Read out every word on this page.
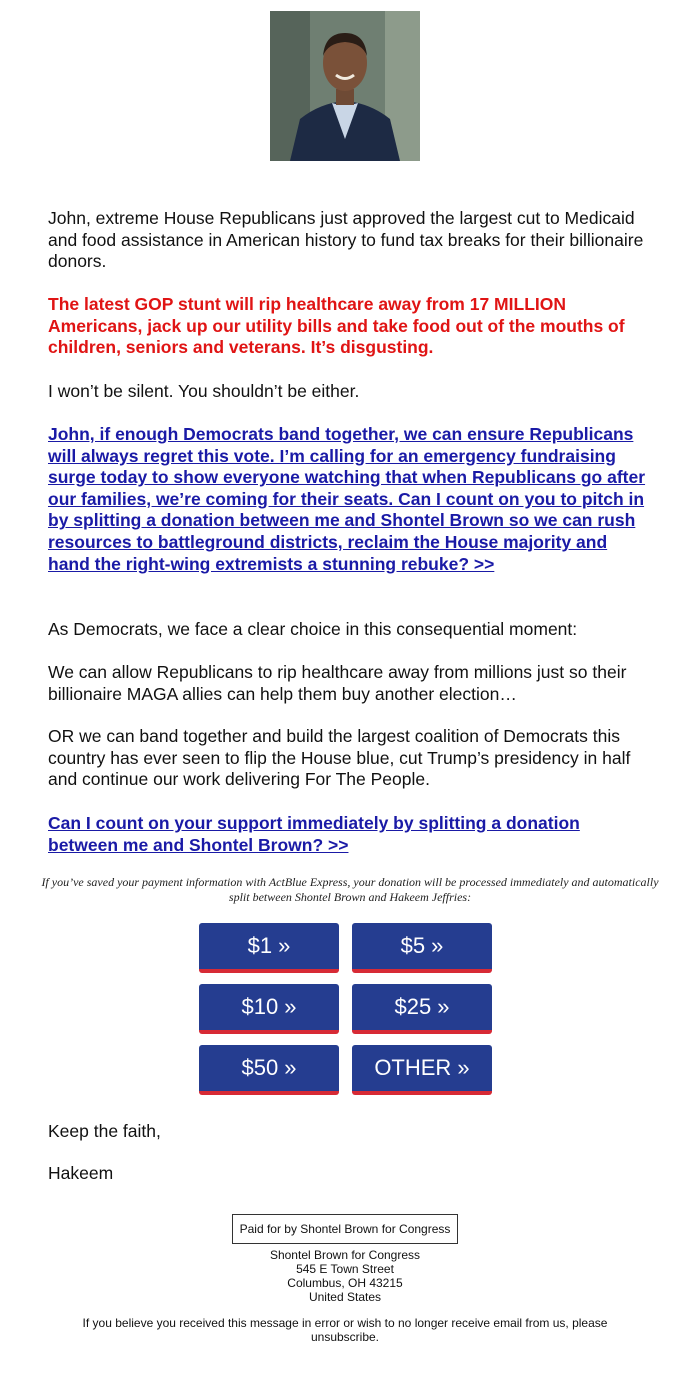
John, extreme House Republicans just approved the largest cut to Medicaid and food assistance in American history to fund tax breaks for their billionaire donors.

The latest GOP stunt will rip healthcare away from 17 MILLION Americans, jack up our utility bills and take food out of the mouths of children, seniors and veterans. It’s disgusting.

I won’t be silent. You shouldn’t be either.

John, if enough Democrats band together, we can ensure Republicans will always regret this vote. I’m calling for an emergency fundraising surge today to show everyone watching that when Republicans go after our families, we’re coming for their seats. Can I count on you to pitch in by splitting a donation between me and Shontel Brown so we can rush resources to battleground districts, reclaim the House majority and hand the right-wing extremists a stunning rebuke? >>

As Democrats, we face a clear choice in this consequential moment:

We can allow Republicans to rip healthcare away from millions just so their billionaire MAGA allies can help them buy another election…

OR we can band together and build the largest coalition of Democrats this country has ever seen to flip the House blue, cut Trump’s presidency in half and continue our work delivering For The People.

Can I count on your support immediately by splitting a donation between me and Shontel Brown? >>

If you’ve saved your payment information with ActBlue Express, your donation will be processed immediately and automatically split between Shontel Brown and Hakeem Jeffries:

$1 »	$5 »
$10 »	$25 »
$50 »	OTHER »

Keep the faith,

Hakeem

Paid for by Shontel Brown for Congress
Shontel Brown for Congress
545 E Town Street
Columbus, OH 43215
United States

If you believe you received this message in error or wish to no longer receive email from us, please unsubscribe.
